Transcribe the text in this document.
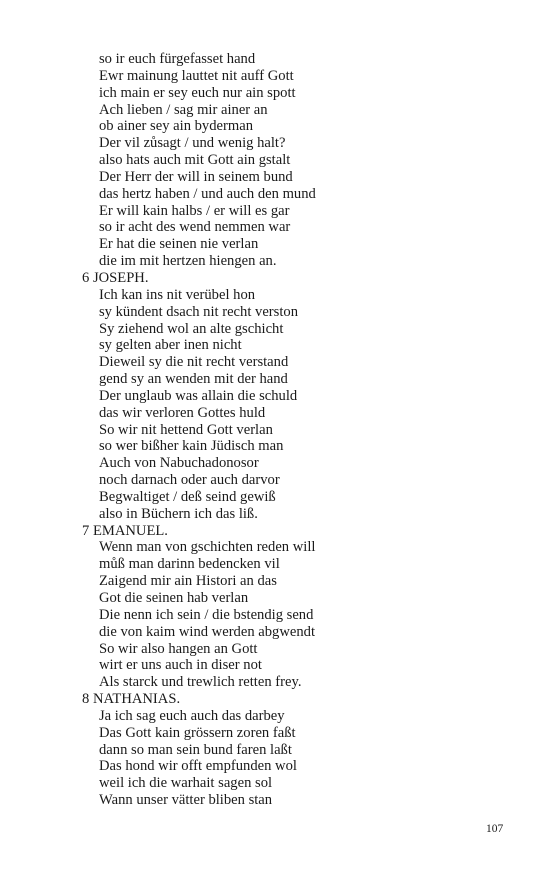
so ir euch fürgefasset hand
Ewr mainung lauttet nit auff Gott
ich main er sey euch nur ain spott
Ach lieben / sag mir ainer an
ob ainer sey ain byderman
Der vil zůsagt / und wenig halt?
also hats auch mit Gott ain gstalt
Der Herr der will in seinem bund
das hertz haben / und auch den mund
Er will kain halbs / er will es gar
so ir acht des wend nemmen war
Er hat die seinen nie verlan
die im mit hertzen hiengen an.
6 JOSEPH.
Ich kan ins nit verübel hon
sy kündent dsach nit recht verston
Sy ziehend wol an alte gschicht
sy gelten aber inen nicht
Dieweil sy die nit recht verstand
gend sy an wenden mit der hand
Der unglaub was allain die schuld
das wir verloren Gottes huld
So wir nit hettend Gott verlan
so wer bißher kain Jüdisch man
Auch von Nabuchadonosor
noch darnach oder auch darvor
Begwaltiget / deß seind gewiß
also in Büchern ich das liß.
7 EMANUEL.
Wenn man von gschichten reden will
můß man darinn bedencken vil
Zaigend mir ain Histori an das
Got die seinen hab verlan
Die nenn ich sein / die bstendig send
die von kaim wind werden abgwendt
So wir also hangen an Gott
wirt er uns auch in diser not
Als starck und trewlich retten frey.
8 NATHANIAS.
Ja ich sag euch auch das darbey
Das Gott kain grössern zoren faßt
dann so man sein bund faren laßt
Das hond wir offt empfunden wol
weil ich die warhait sagen sol
Wann unser vätter bliben stan
107
